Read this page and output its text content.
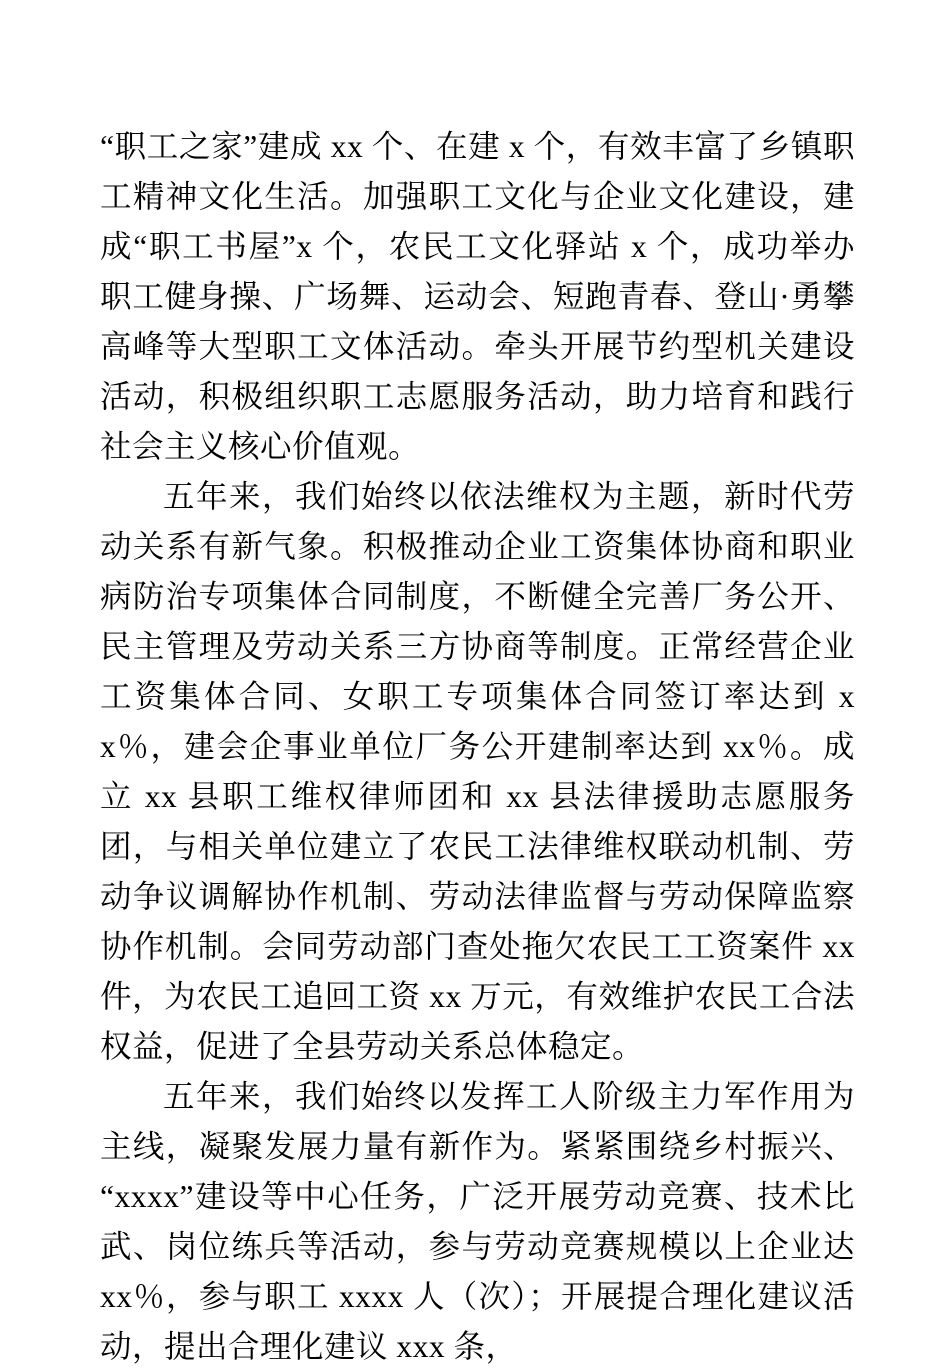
“职工之家”建成 xx 个、在建 x 个，有效丰富了乡镇职工精神文化生活。加强职工文化与企业文化建设，建成“职工书屋”x 个，农民工文化驿站 x 个，成功举办职工健身操、广场舞、运动会、短跑青春、登山·勇攀高峰等大型职工文体活动。牵头开展节约型机关建设活动，积极组织职工志愿服务活动，助力培育和践行社会主义核心价值观。

五年来，我们始终以依法维权为主题，新时代劳动关系有新气象。积极推动企业工资集体协商和职业病防治专项集体合同制度，不断健全完善厂务公开、民主管理及劳动关系三方协商等制度。正常经营企业工资集体合同、女职工专项集体合同签订率达到 xx％，建会企事业单位厂务公开建制率达到 xx％。成立 xx 县职工维权律师团和 xx 县法律援助志愿服务团，与相关单位建立了农民工法律维权联动机制、劳动争议调解协作机制、劳动法律监督与劳动保障监察协作机制。会同劳动部门查处拖欠农民工工资案件 xx 件，为农民工追回工资 xx 万元，有效维护农民工合法权益，促进了全县劳动关系总体稳定。

五年来，我们始终以发挥工人阶级主力军作用为主线，凝聚发展力量有新作为。紧紧围绕乡村振兴、“xxxx”建设等中心任务，广泛开展劳动竞赛、技术比武、岗位练兵等活动，参与劳动竞赛规模以上企业达 xx％，参与职工 xxxx 人（次）；开展提合理化建议活动，提出合理化建议 xxx 条，
